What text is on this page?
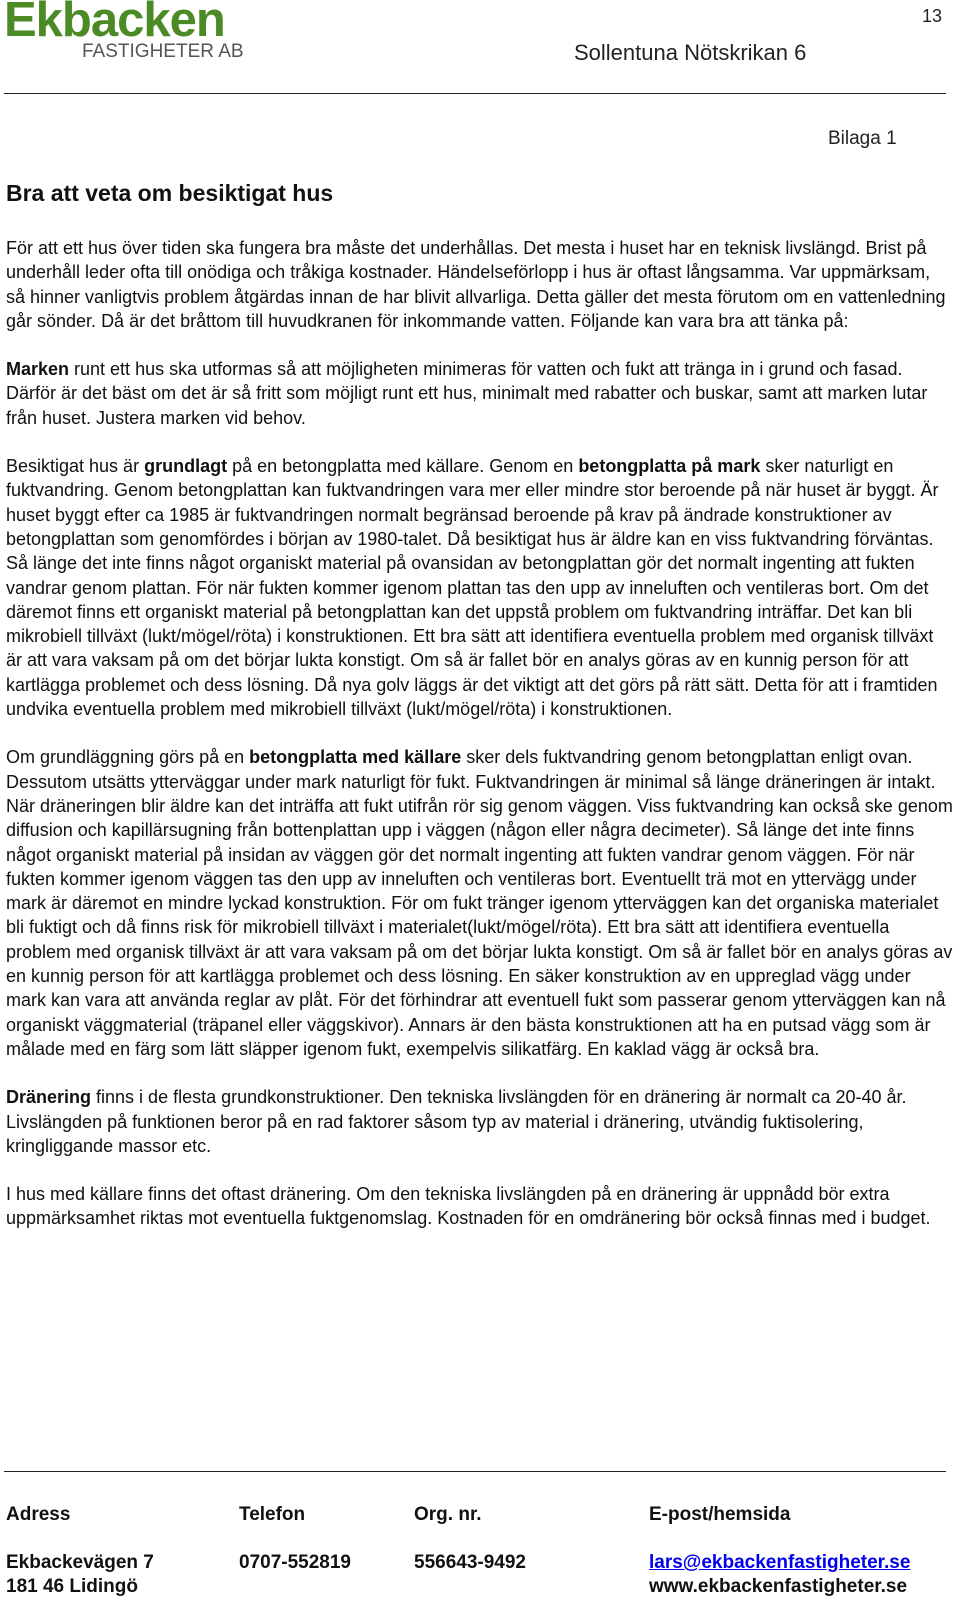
Ekbacken
FASTIGHETER AB
13
Sollentuna Nötskrikan 6
Bilaga 1
Bra att veta om besiktigat hus

För att ett hus över tiden ska fungera bra måste det underhållas. Det mesta i huset har en teknisk livslängd. Brist på underhåll leder ofta till onödiga och tråkiga kostnader. Händelseförlopp i hus är oftast långsamma. Var uppmärksam, så hinner vanligtvis problem åtgärdas innan de har blivit allvarliga. Detta gäller det mesta förutom om en vattenledning går sönder. Då är det bråttom till huvudkranen för inkommande vatten. Följande kan vara bra att tänka på:

Marken runt ett hus ska utformas så att möjligheten minimeras för vatten och fukt att tränga in i grund och fasad. Därför är det bäst om det är så fritt som möjligt runt ett hus, minimalt med rabatter och buskar, samt att marken lutar från huset. Justera marken vid behov.

Besiktigat hus är grundlagt på en betongplatta med källare. Genom en betongplatta på mark sker naturligt en fuktvandring. Genom betongplattan kan fuktvandringen vara mer eller mindre stor beroende på när huset är byggt. Är huset byggt efter ca 1985 är fuktvandringen normalt begränsad beroende på krav på ändrade konstruktioner av betongplattan som genomfördes i början av 1980-talet. Då besiktigat hus är äldre kan en viss fuktvandring förväntas. Så länge det inte finns något organiskt material på ovansidan av betongplattan gör det normalt ingenting att fukten vandrar genom plattan. För när fukten kommer igenom plattan tas den upp av inneluften och ventileras bort. Om det däremot finns ett organiskt material på betongplattan kan det uppstå problem om fuktvandring inträffar. Det kan bli mikrobiell tillväxt (lukt/mögel/röta) i konstruktionen. Ett bra sätt att identifiera eventuella problem med organisk tillväxt är att vara vaksam på om det börjar lukta konstigt. Om så är fallet bör en analys göras av en kunnig person för att kartlägga problemet och dess lösning. Då nya golv läggs är det viktigt att det görs på rätt sätt. Detta för att i framtiden undvika eventuella problem med mikrobiell tillväxt (lukt/mögel/röta) i konstruktionen.

Om grundläggning görs på en betongplatta med källare sker dels fuktvandring genom betongplattan enligt ovan. Dessutom utsätts ytterväggar under mark naturligt för fukt. Fuktvandringen är minimal så länge dräneringen är intakt. När dräneringen blir äldre kan det inträffa att fukt utifrån rör sig genom väggen. Viss fuktvandring kan också ske genom diffusion och kapillärsugning från bottenplattan upp i väggen (någon eller några decimeter). Så länge det inte finns något organiskt material på insidan av väggen gör det normalt ingenting att fukten vandrar genom väggen. För när fukten kommer igenom väggen tas den upp av inneluften och ventileras bort. Eventuellt trä mot en yttervägg under mark är däremot en mindre lyckad konstruktion. För om fukt tränger igenom ytterväggen kan det organiska materialet bli fuktigt och då finns risk för mikrobiell tillväxt i materialet(lukt/mögel/röta). Ett bra sätt att identifiera eventuella problem med organisk tillväxt är att vara vaksam på om det börjar lukta konstigt. Om så är fallet bör en analys göras av en kunnig person för att kartlägga problemet och dess lösning. En säker konstruktion av en uppreglad vägg under mark kan vara att använda reglar av plåt. För det förhindrar att eventuell fukt som passerar genom ytterväggen kan nå organiskt väggmaterial (träpanel eller väggskivor). Annars är den bästa konstruktionen att ha en putsad vägg som är målade med en färg som lätt släpper igenom fukt, exempelvis silikatfärg. En kaklad vägg är också bra.

Dränering finns i de flesta grundkonstruktioner. Den tekniska livslängden för en dränering är normalt ca 20-40 år. Livslängden på funktionen beror på en rad faktorer såsom typ av material i dränering, utvändig fuktisolering, kringliggande massor etc.

I hus med källare finns det oftast dränering. Om den tekniska livslängden på en dränering är uppnådd bör extra uppmärksamhet riktas mot eventuella fuktgenomslag. Kostnaden för en omdränering bör också finnas med i budget.

Adress
Ekbackevägen 7
181 46 Lidingö
Telefon
0707-552819
Org. nr.
556643-9492
E-post/hemsida
lars@ekbackenfastigheter.se
www.ekbackenfastigheter.se
